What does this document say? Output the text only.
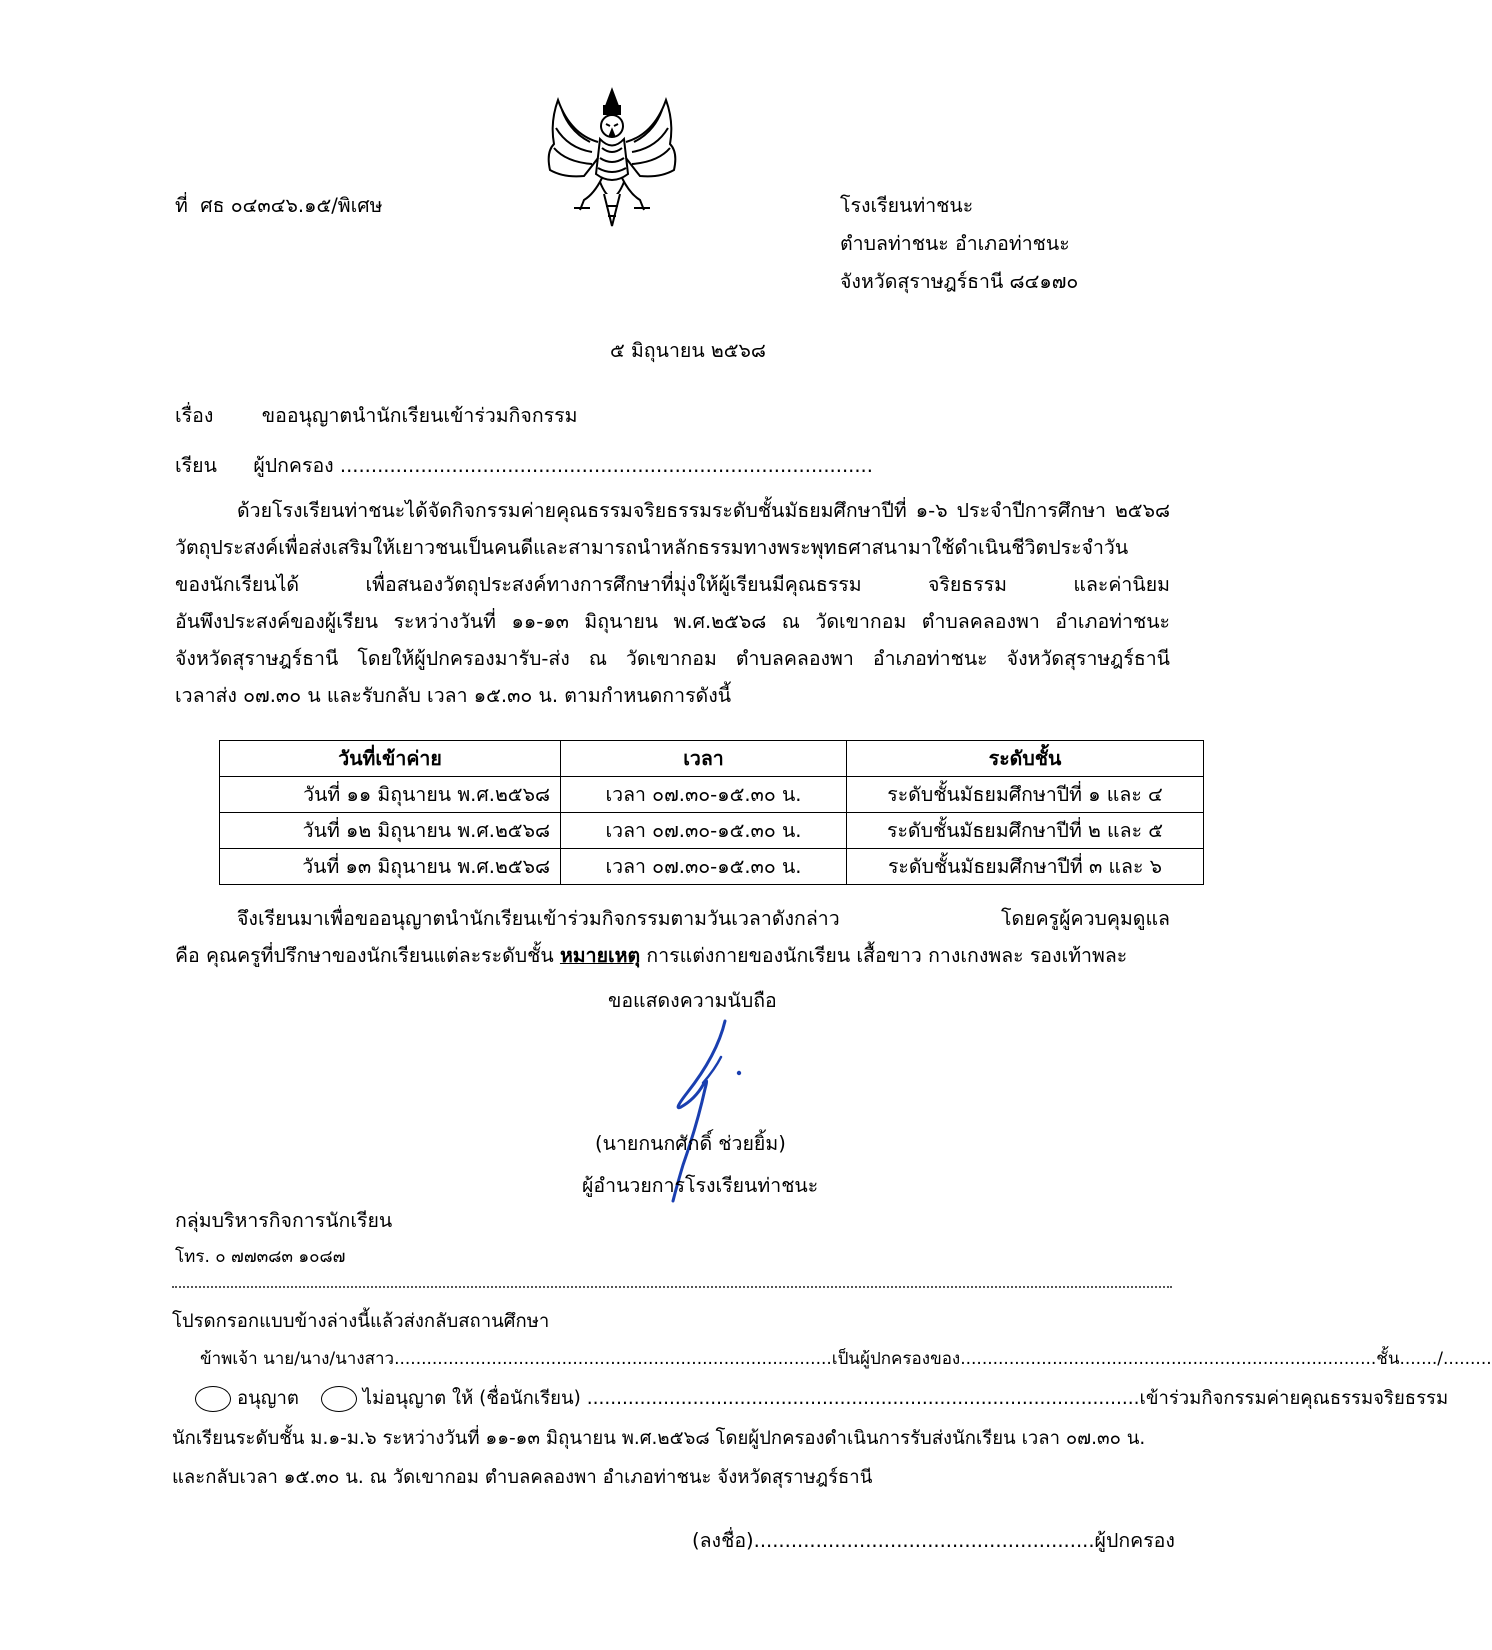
ที่ ศธ ๐๔๓๔๖.๑๕/พิเศษ	โรงเรียนท่าชนะ
ตำบลท่าชนะ อำเภอท่าชนะ
จังหวัดสุราษฎร์ธานี ๘๔๑๗๐
๕ มิถุนายน ๒๕๖๘
เรื่อง ขออนุญาตนำนักเรียนเข้าร่วมกิจกรรม
เรียน ผู้ปกครอง ......................................................................................
ด้วยโรงเรียนท่าชนะได้จัดกิจกรรมค่ายคุณธรรมจริยธรรมระดับชั้นมัธยมศึกษาปีที่ ๑-๖ ประจำปีการศึกษา ๒๕๖๘
วัตถุประสงค์เพื่อส่งเสริมให้เยาวชนเป็นคนดีและสามารถนำหลักธรรมทางพระพุทธศาสนามาใช้ดำเนินชีวิตประจำวัน
ของนักเรียนได้ เพื่อสนองวัตถุประสงค์ทางการศึกษาที่มุ่งให้ผู้เรียนมีคุณธรรม จริยธรรม และค่านิยม
อันพึงประสงค์ของผู้เรียน ระหว่างวันที่ ๑๑-๑๓ มิถุนายน พ.ศ.๒๕๖๘ ณ วัดเขากอม ตำบลคลองพา อำเภอท่าชนะ
จังหวัดสุราษฎร์ธานี โดยให้ผู้ปกครองมารับ-ส่ง ณ วัดเขากอม ตำบลคลองพา อำเภอท่าชนะ จังหวัดสุราษฎร์ธานี
เวลาส่ง ๐๗.๓๐ น และรับกลับ เวลา ๑๕.๓๐ น. ตามกำหนดการดังนี้
วันที่เข้าค่าย	เวลา	ระดับชั้น
วันที่ ๑๑ มิถุนายน พ.ศ.๒๕๖๘	เวลา ๐๗.๓๐-๑๕.๓๐ น.	ระดับชั้นมัธยมศึกษาปีที่ ๑ และ ๔
วันที่ ๑๒ มิถุนายน พ.ศ.๒๕๖๘	เวลา ๐๗.๓๐-๑๕.๓๐ น.	ระดับชั้นมัธยมศึกษาปีที่ ๒ และ ๕
วันที่ ๑๓ มิถุนายน พ.ศ.๒๕๖๘	เวลา ๐๗.๓๐-๑๕.๓๐ น.	ระดับชั้นมัธยมศึกษาปีที่ ๓ และ ๖
จึงเรียนมาเพื่อขออนุญาตนำนักเรียนเข้าร่วมกิจกรรมตามวันเวลาดังกล่าว โดยครูผู้ควบคุมดูแล
คือ คุณครูที่ปรึกษาของนักเรียนแต่ละระดับชั้น หมายเหตุ การแต่งกายของนักเรียน เสื้อขาว กางเกงพละ รองเท้าพละ
ขอแสดงความนับถือ
(นายกนกศักดิ์ ช่วยยิ้ม)
ผู้อำนวยการโรงเรียนท่าชนะ
กลุ่มบริหารกิจการนักเรียน
โทร. ๐ ๗๗๓๘๓ ๑๐๘๗
โปรดกรอกแบบข้างล่างนี้แล้วส่งกลับสถานศึกษา
ข้าพเจ้า นาย/นาง/นางสาว.................................................................................เป็นผู้ปกครองของ.............................................................................ชั้น......./.........
อนุญาต	ไม่อนุญาต ให้ (ชื่อนักเรียน) ..............................................................................................เข้าร่วมกิจกรรมค่ายคุณธรรมจริยธรรม
นักเรียนระดับชั้น ม.๑-ม.๖ ระหว่างวันที่ ๑๑-๑๓ มิถุนายน พ.ศ.๒๕๖๘ โดยผู้ปกครองดำเนินการรับส่งนักเรียน เวลา ๐๗.๓๐ น.
และกลับเวลา ๑๕.๓๐ น. ณ วัดเขากอม ตำบลคลองพา อำเภอท่าชนะ จังหวัดสุราษฎร์ธานี
(ลงชื่อ).......................................................ผู้ปกครอง
